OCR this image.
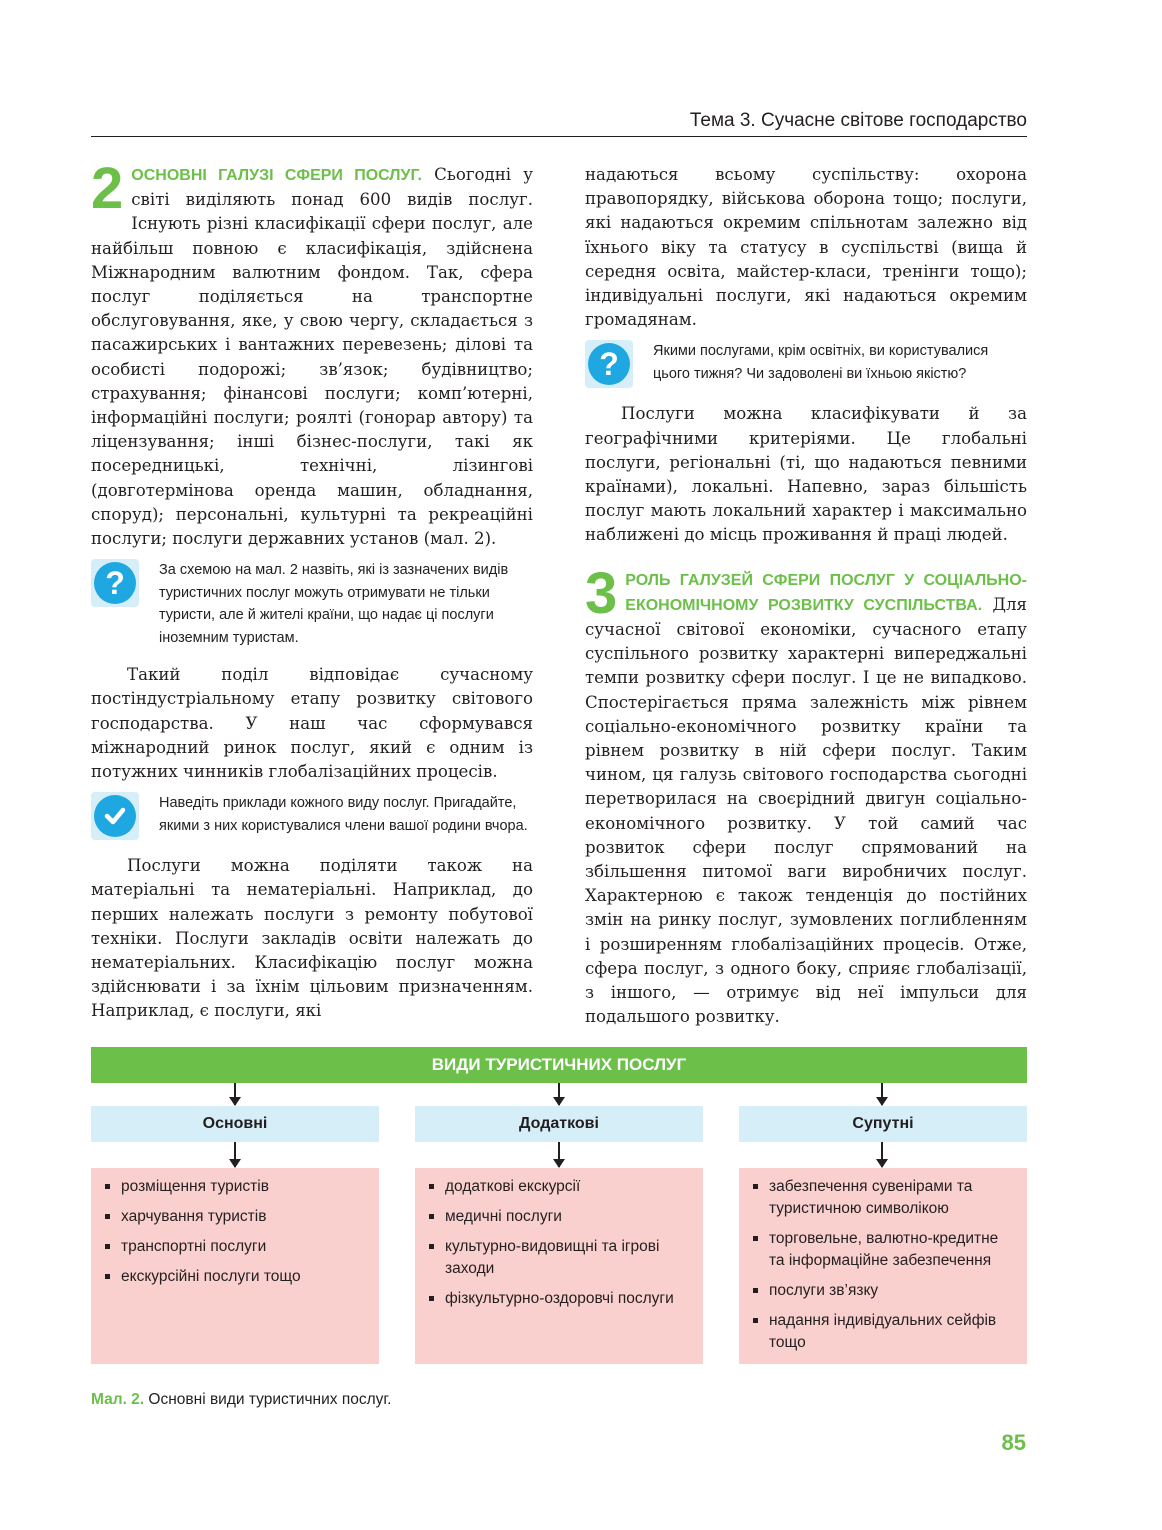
Тема 3. Сучасне світове господарство

2 ОСНОВНІ ГАЛУЗІ СФЕРИ ПОСЛУГ. Сьогодні у світі виділяють понад 600 видів послуг. Існують різні класифікації сфери послуг, але найбільш повною є класифікація, здійснена Міжнародним валютним фондом. Так, сфера послуг поділяється на транспортне обслуговування, яке, у свою чергу, складається з пасажирських і вантажних перевезень; ділові та особисті подорожі; зв’язок; будівництво; страхування; фінансові послуги; комп’ютерні, інформаційні послуги; роялті (гонорар автору) та ліцензування; інші бізнес-послуги, такі як посередницькі, технічні, лізингові (довготермінова оренда машин, обладнання, споруд); персональні, культурні та рекреаційні послуги; послуги державних установ (мал. 2).

?	За схемою на мал. 2 назвіть, які із зазначених видів туристичних послуг можуть отримувати не тільки туристи, але й жителі країни, що надає ці послуги іноземним туристам.

Такий поділ відповідає сучасному постіндустріальному етапу розвитку світового господарства. У наш час сформувався міжнародний ринок послуг, який є одним із потужних чинників глобалізаційних процесів.

Наведіть приклади кожного виду послуг. Пригадайте, якими з них користувалися члени вашої родини вчора.

Послуги можна поділяти також на матеріальні та нематеріальні. Наприклад, до перших належать послуги з ремонту побутової техніки. Послуги закладів освіти належать до нематеріальних. Класифікацію послуг можна здійснювати і за їхнім цільовим призначенням. Наприклад, є послуги, які

надаються всьому суспільству: охорона правопорядку, військова оборона тощо; послуги, які надаються окремим спільнотам залежно від їхнього віку та статусу в суспільстві (вища й середня освіта, майстер-класи, тренінги тощо); індивідуальні послуги, які надаються окремим громадянам.

?	Якими послугами, крім освітніх, ви користувалися цього тижня? Чи задоволені ви їхньою якістю?

Послуги можна класифікувати й за географічними критеріями. Це глобальні послуги, регіональні (ті, що надаються певними країнами), локальні. Напевно, зараз більшість послуг мають локальний характер і максимально наближені до місць проживання й праці людей.

3 РОЛЬ ГАЛУЗЕЙ СФЕРИ ПОСЛУГ У СОЦІАЛЬНО-ЕКОНОМІЧНОМУ РОЗВИТКУ СУСПІЛЬСТВА. Для сучасної світової економіки, сучасного етапу суспільного розвитку характерні випереджальні темпи розвитку сфери послуг. І це не випадково. Спостерігається пряма залежність між рівнем соціально-економічного розвитку країни та рівнем розвитку в ній сфери послуг. Таким чином, ця галузь світового господарства сьогодні перетворилася на своєрідний двигун соціально-економічного розвитку. У той самий час розвиток сфери послуг спрямований на збільшення питомої ваги виробничих послуг. Характерною є також тенденція до постійних змін на ринку послуг, зумовлених поглибленням і розширенням глобалізаційних процесів. Отже, сфера послуг, з одного боку, сприяє глобалізації, з іншого, — отримує від неї імпульси для подальшого розвитку.

ВИДИ ТУРИСТИЧНИХ ПОСЛУГ
Основні	Додаткові	Супутні
розміщення туристів
харчування туристів
транспортні послуги
екскурсійні послуги тощо
додаткові екскурсії
медичні послуги
культурно-видовищні та ігрові заходи
фізкультурно-оздоровчі послуги
забезпечення сувенірами та туристичною символікою
торговельне, валютно-кредитне та інформаційне забезпечення
послуги зв’язку
надання індивідуальних сейфів тощо
Мал. 2. Основні види туристичних послуг.
85
